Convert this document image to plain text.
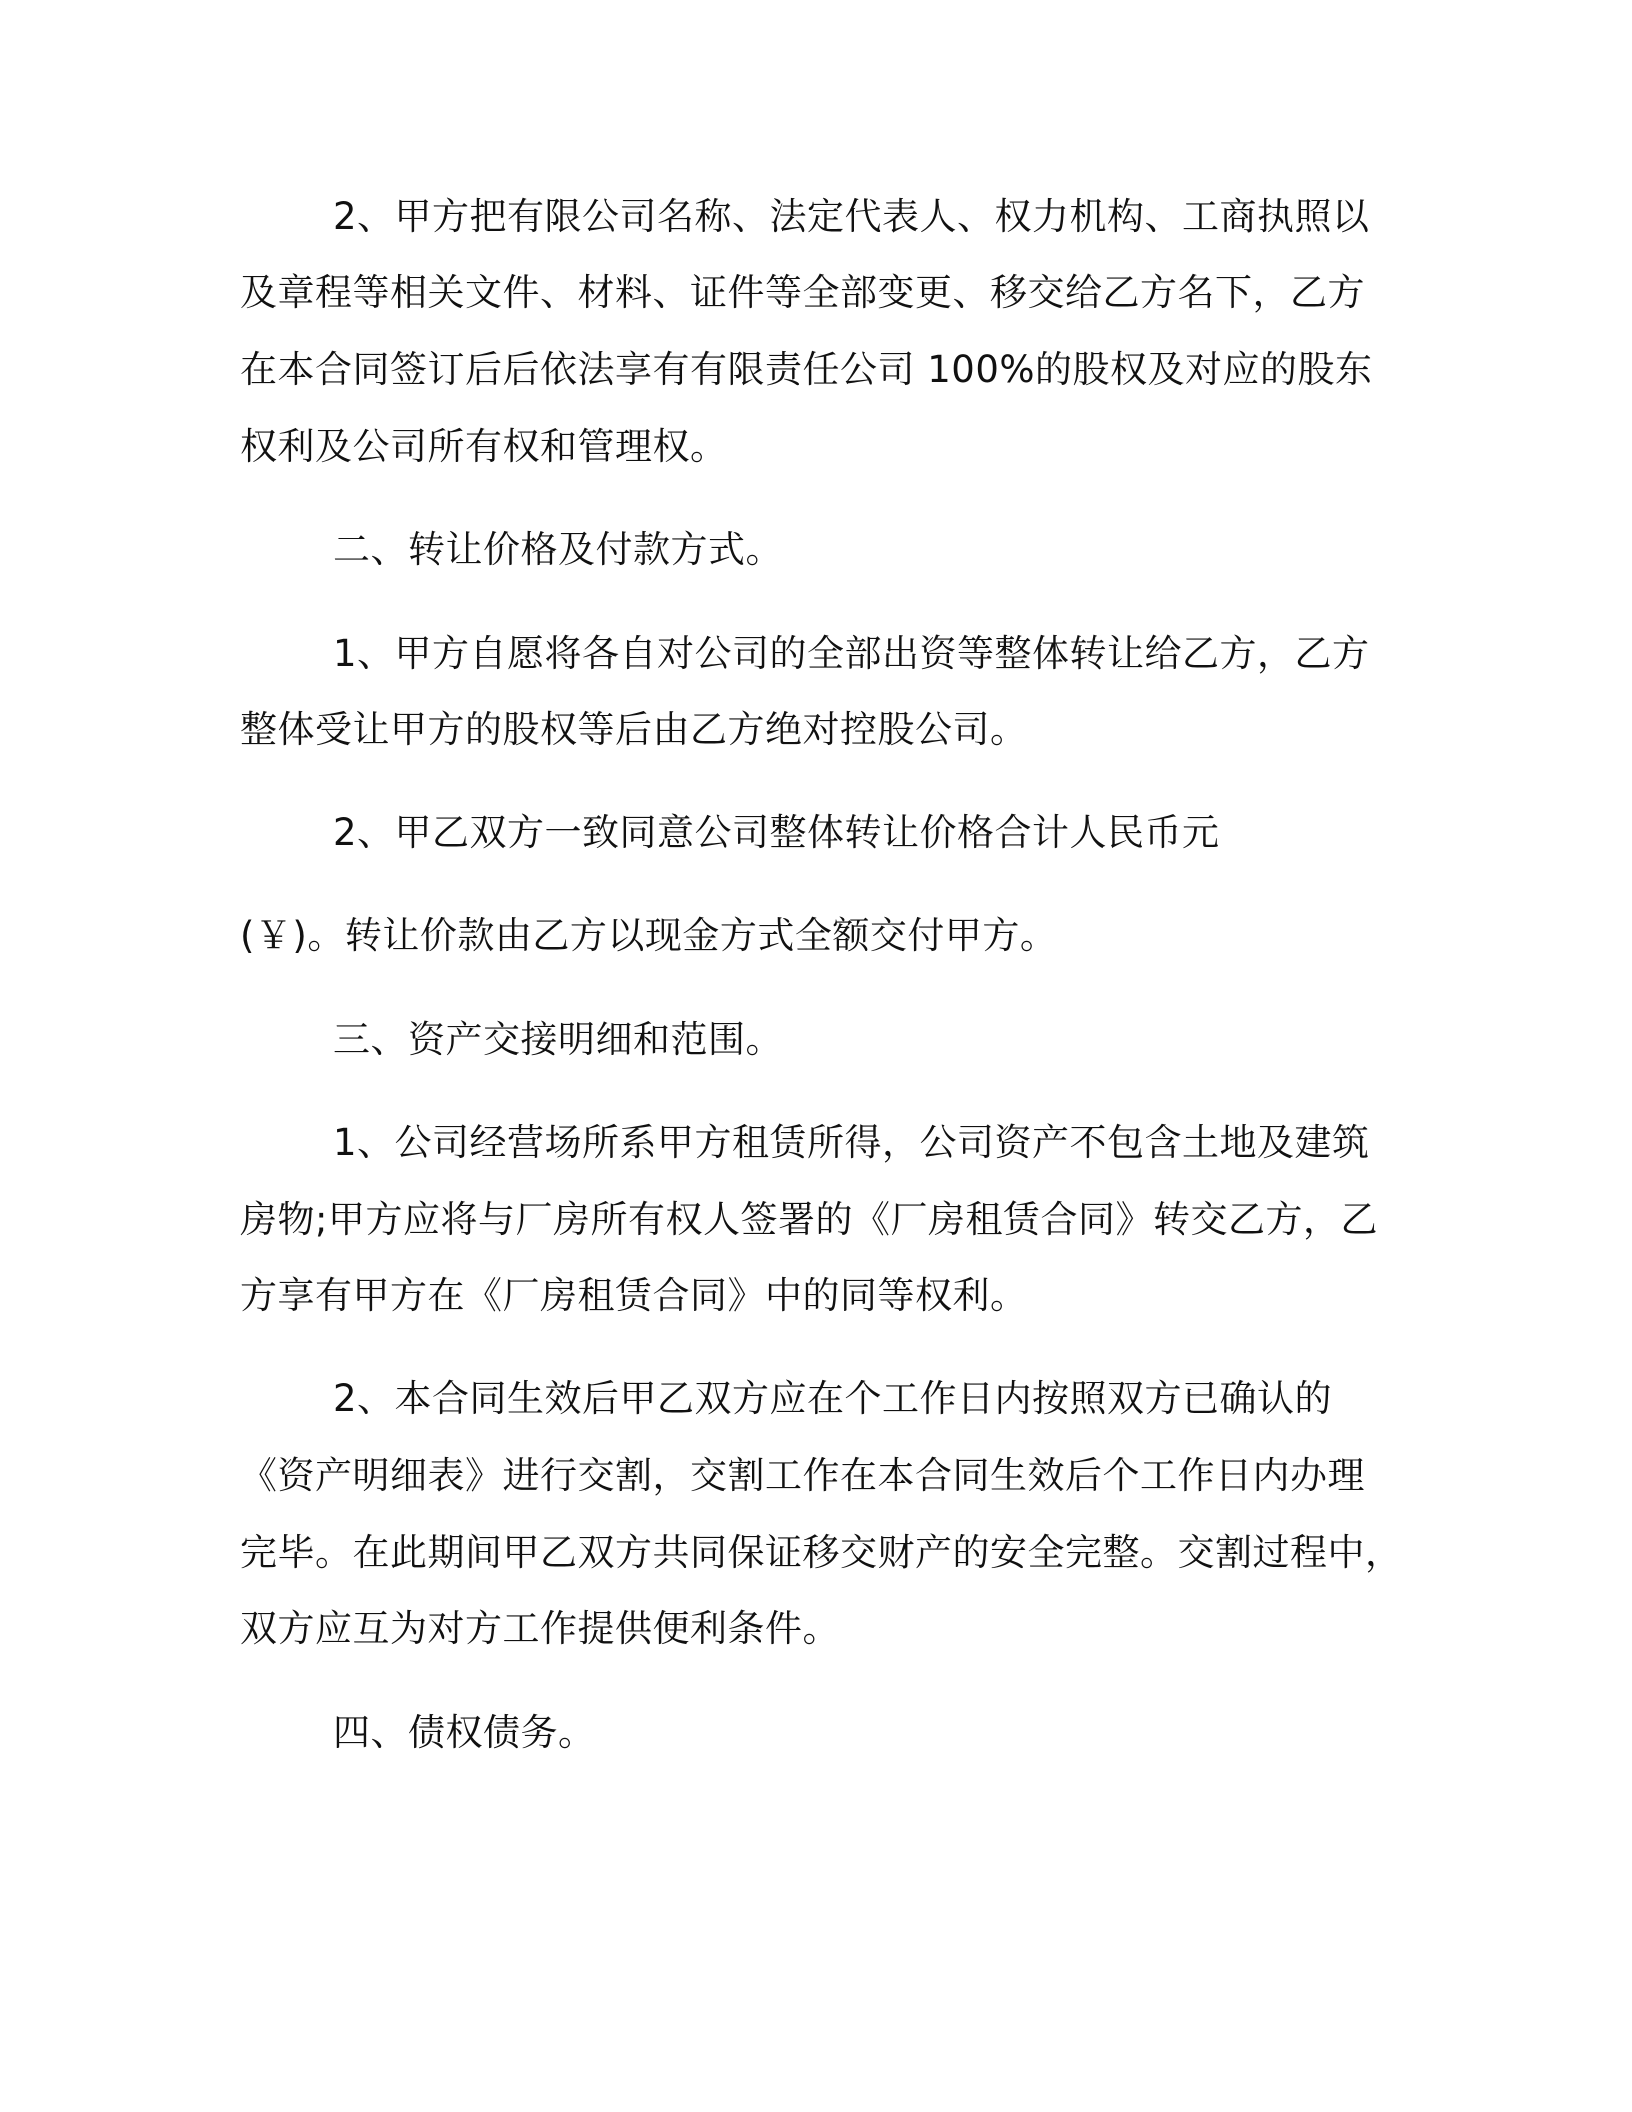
2、甲方把有限公司名称、法定代表人、权力机构、工商执照以
及章程等相关文件、材料、证件等全部变更、移交给乙方名下，乙方
在本合同签订后后依法享有有限责任公司 100%的股权及对应的股东
权利及公司所有权和管理权。
二、转让价格及付款方式。
1、甲方自愿将各自对公司的全部出资等整体转让给乙方，乙方
整体受让甲方的股权等后由乙方绝对控股公司。
2、甲乙双方一致同意公司整体转让价格合计人民币元
(￥)。转让价款由乙方以现金方式全额交付甲方。
三、资产交接明细和范围。
1、公司经营场所系甲方租赁所得，公司资产不包含土地及建筑
房物;甲方应将与厂房所有权人签署的《厂房租赁合同》转交乙方，乙
方享有甲方在《厂房租赁合同》中的同等权利。
2、本合同生效后甲乙双方应在个工作日内按照双方已确认的
《资产明细表》进行交割，交割工作在本合同生效后个工作日内办理
完毕。在此期间甲乙双方共同保证移交财产的安全完整。交割过程中，
双方应互为对方工作提供便利条件。
四、债权债务。
